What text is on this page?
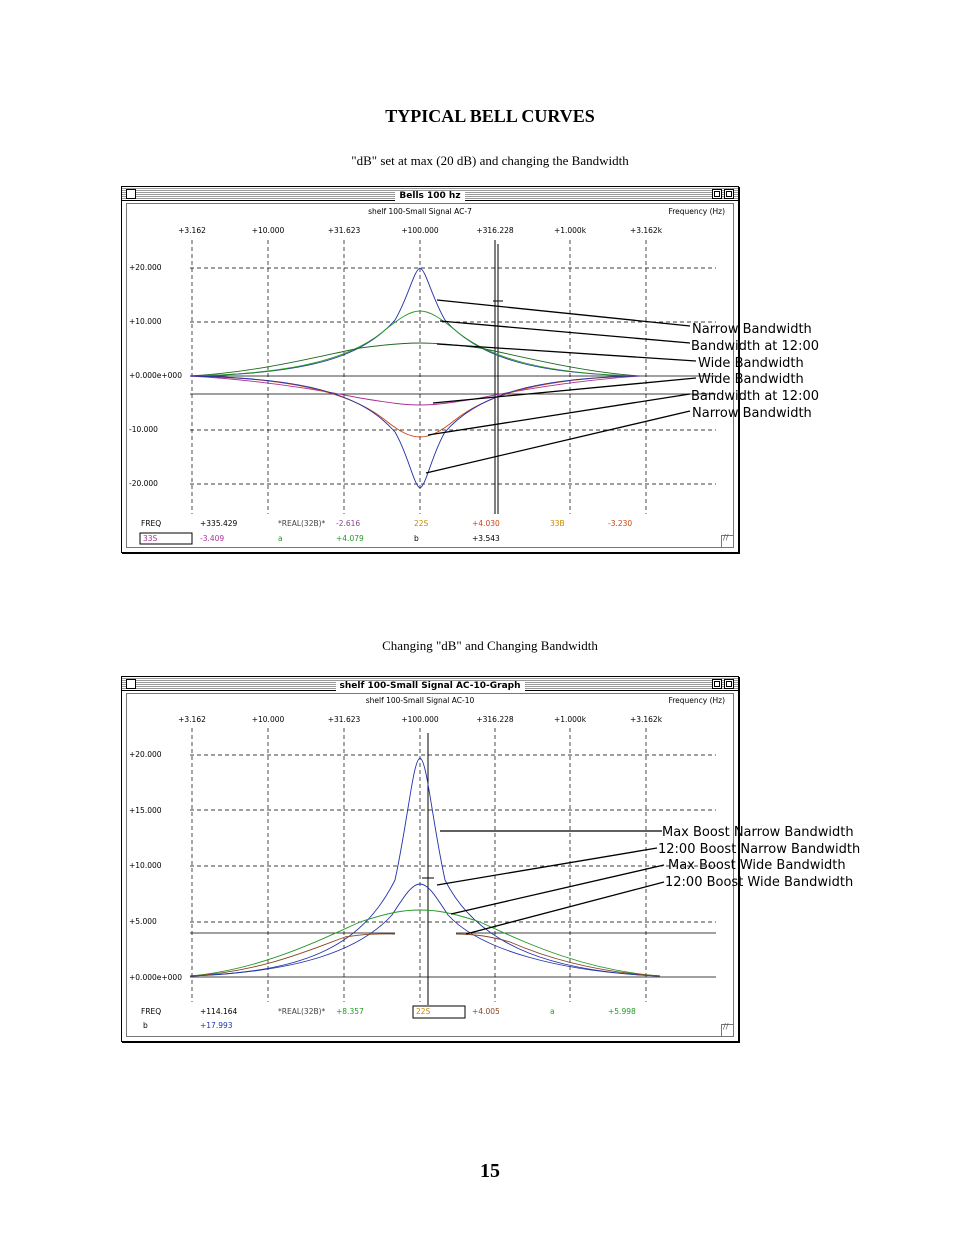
TYPICAL BELL CURVES
"dB" set at max (20 dB) and changing the Bandwidth
Bells 100 hz
//
shelf 100-Small Signal AC-7	Frequency (Hz)
+3.162	+10.000	+31.623	+100.000	+316.228	+1.000k	+3.162k
+20.000
+10.000
+0.000e+000
-10.000
-20.000
FREQ	+335.429	*REAL(32B)* -2.616	22S	+4.030	33B	-3.230
33S	-3.409	a	+4.079	b	+3.543
Narrow Bandwidth
Bandwidth at 12:00
Wide Bandwidth
Wide Bandwidth
Bandwidth at 12:00
Narrow Bandwidth
Changing "dB" and Changing Bandwidth
shelf 100-Small Signal AC-10-Graph
//
shelf 100-Small Signal AC-10	Frequency (Hz)
+3.162	+10.000	+31.623	+100.000	+316.228	+1.000k	+3.162k
+20.000
+15.000
+10.000
+5.000
+0.000e+000
FREQ	+114.164	*REAL(32B)* +8.357	22S	+4.005	a	+5.998
b	+17.993
Max Boost Narrow Bandwidth
12:00 Boost Narrow Bandwidth
Max Boost Wide Bandwidth
12:00 Boost Wide Bandwidth
15
